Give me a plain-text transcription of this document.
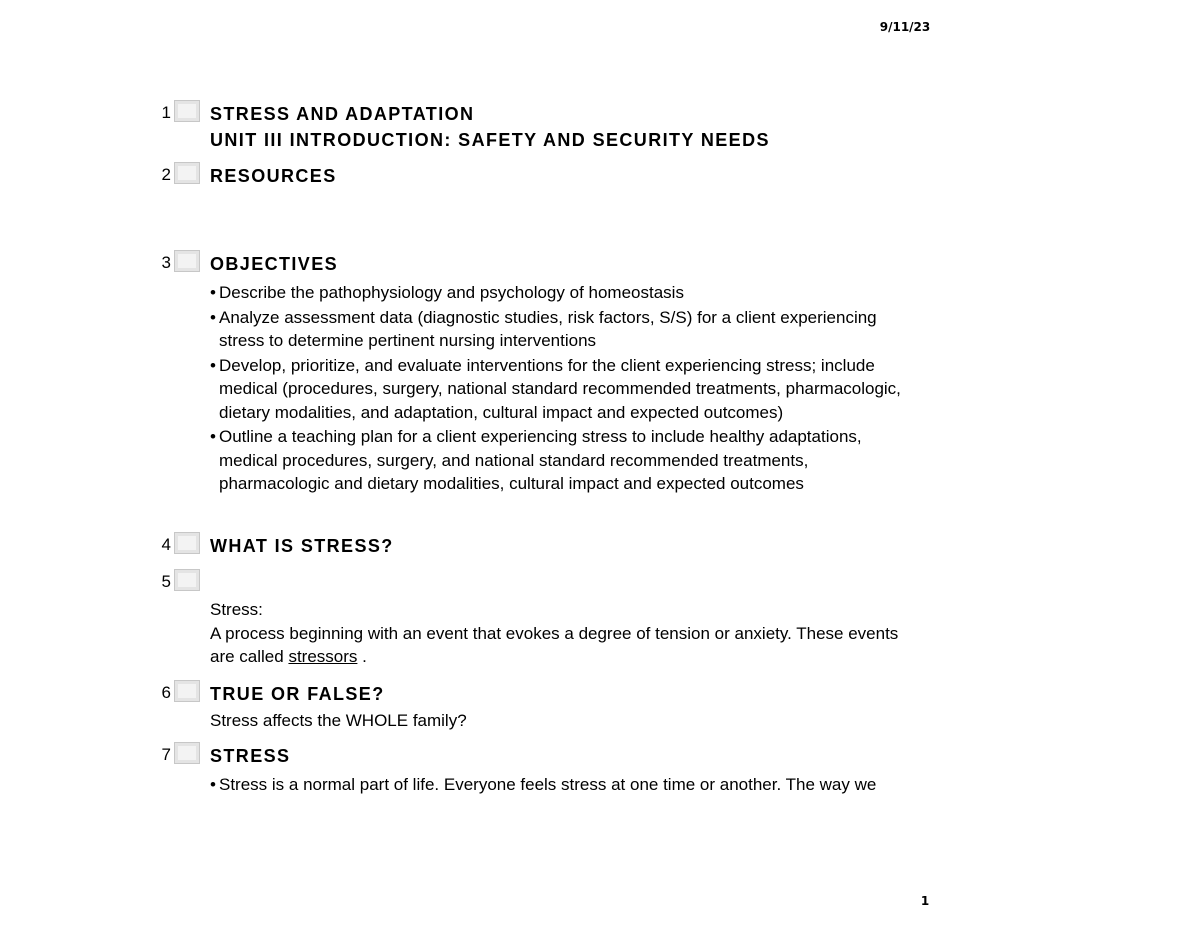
9/11/23
1 STRESS AND ADAPTATION
UNIT III INTRODUCTION: SAFETY AND SECURITY NEEDS
2 RESOURCES
3 OBJECTIVES
• Describe the pathophysiology and psychology of homeostasis
• Analyze assessment data (diagnostic studies, risk factors, S/S) for a client experiencing
stress to determine pertinent nursing interventions
• Develop, prioritize, and evaluate interventions for the client experiencing stress; include
medical (procedures, surgery, national standard recommended treatments, pharmacologic,
dietary modalities, and adaptation, cultural impact and expected outcomes)
• Outline a teaching plan for a client experiencing stress to include healthy adaptations,
medical procedures, surgery, and national standard recommended treatments,
pharmacologic and dietary modalities, cultural impact and expected outcomes
4 WHAT IS STRESS?
5
Stress:
A process beginning with an event that evokes a degree of tension or anxiety. These events
are called stressors .
6 TRUE OR FALSE?
Stress affects the WHOLE family?
7 STRESS
• Stress is a normal part of life. Everyone feels stress at one time or another. The way we
1
